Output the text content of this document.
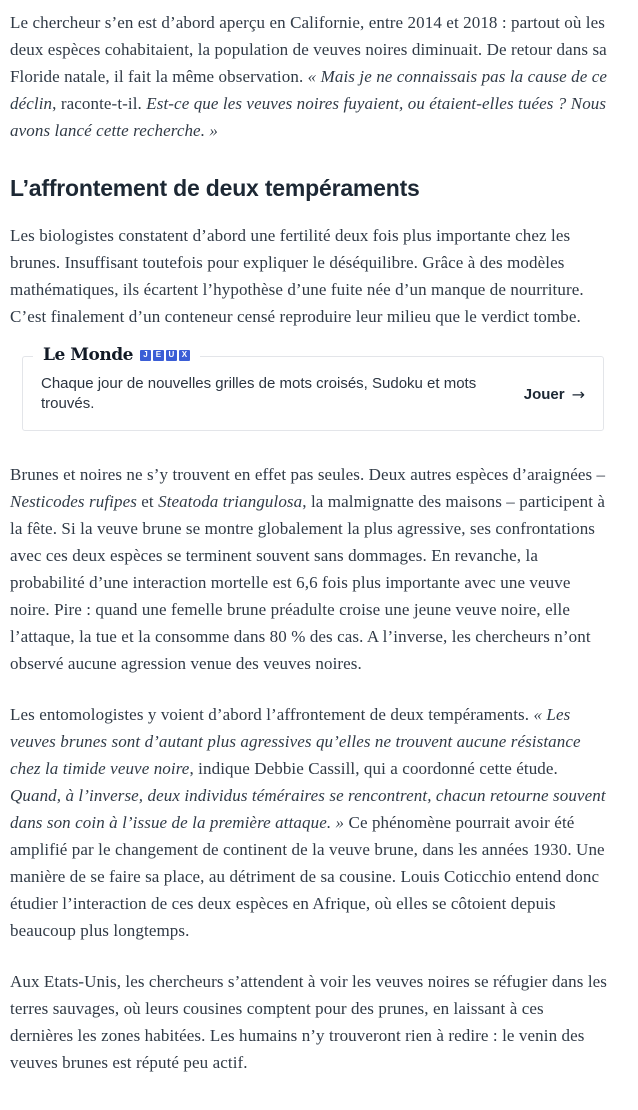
Le chercheur s’en est d’abord aperçu en Californie, entre 2014 et 2018 : partout où les deux espèces cohabitaient, la population de veuves noires diminuait. De retour dans sa Floride natale, il fait la même observation. « Mais je ne connaissais pas la cause de ce déclin, raconte-t-il. Est-ce que les veuves noires fuyaient, ou étaient-elles tuées ? Nous avons lancé cette recherche. »

L’affrontement de deux tempéraments

Les biologistes constatent d’abord une fertilité deux fois plus importante chez les brunes. Insuffisant toutefois pour expliquer le déséquilibre. Grâce à des modèles mathématiques, ils écartent l’hypothèse d’une fuite née d’un manque de nourriture. C’est finalement d’un conteneur censé reproduire leur milieu que le verdict tombe.

Le Monde	J	E U X

Chaque jour de nouvelles grilles de mots croisés, Sudoku et mots trouvés.

Jouer →

Brunes et noires ne s’y trouvent en effet pas seules. Deux autres espèces d’araignées – Nesticodes rufipes et Steatoda triangulosa, la malmignatte des maisons – participent à la fête. Si la veuve brune se montre globalement la plus agressive, ses confrontations avec ces deux espèces se terminent souvent sans dommages. En revanche, la probabilité d’une interaction mortelle est 6,6 fois plus importante avec une veuve noire. Pire : quand une femelle brune préadulte croise une jeune veuve noire, elle l’attaque, la tue et la consomme dans 80 % des cas. A l’inverse, les chercheurs n’ont observé aucune agression venue des veuves noires.

Les entomologistes y voient d’abord l’affrontement de deux tempéraments. « Les veuves brunes sont d’autant plus agressives qu’elles ne trouvent aucune résistance chez la timide veuve noire, indique Debbie Cassill, qui a coordonné cette étude. Quand, à l’inverse, deux individus téméraires se rencontrent, chacun retourne souvent dans son coin à l’issue de la première attaque. » Ce phénomène pourrait avoir été amplifié par le changement de continent de la veuve brune, dans les années 1930. Une manière de se faire sa place, au détriment de sa cousine. Louis Coticchio entend donc étudier l’interaction de ces deux espèces en Afrique, où elles se côtoient depuis beaucoup plus longtemps.

Aux Etats-Unis, les chercheurs s’attendent à voir les veuves noires se réfugier dans les terres sauvages, où leurs cousines comptent pour des prunes, en laissant à ces dernières les zones habitées. Les humains n’y trouveront rien à redire : le venin des veuves brunes est réputé peu actif.
